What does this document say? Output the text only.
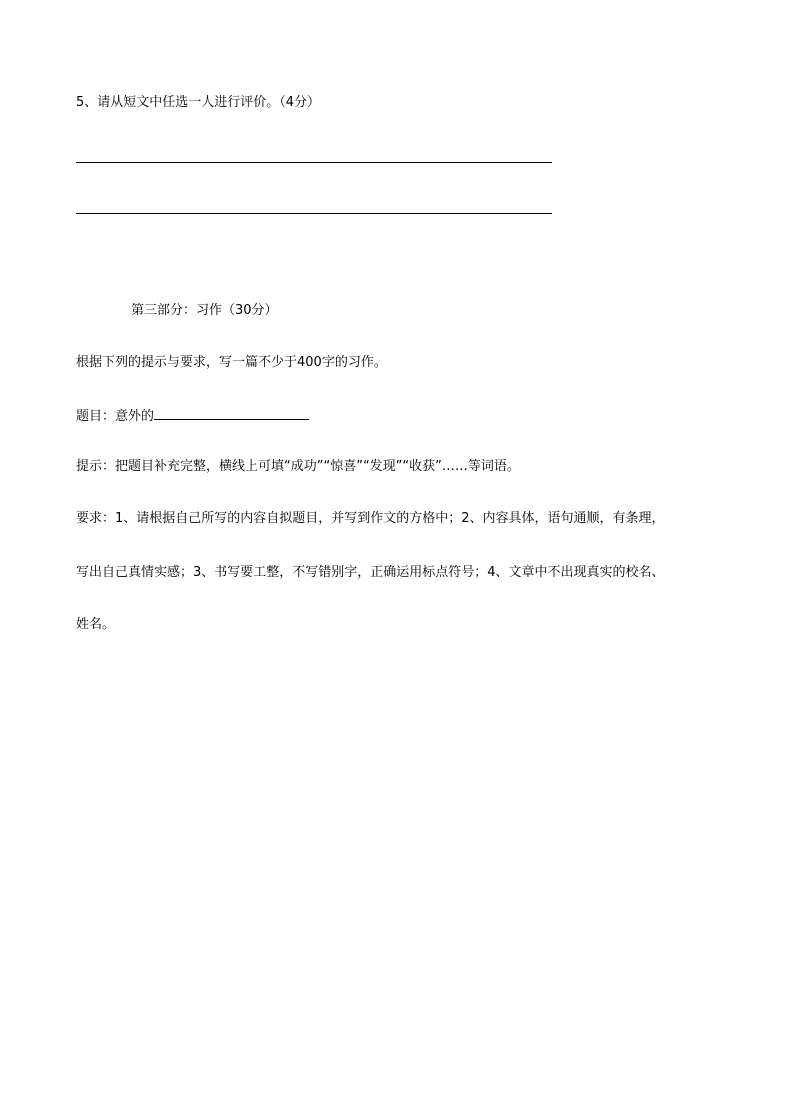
5、请从短文中任选一人进行评价。（4分）
第三部分：习作（30分）
根据下列的提示与要求，写一篇不少于400字的习作。
题目：意外的
提示：把题目补充完整，横线上可填“成功”“惊喜”“发现”“收获”……等词语。
要求：1、请根据自己所写的内容自拟题目，并写到作文的方格中；2、内容具体，语句通顺，有条理，
写出自己真情实感；3、书写要工整，不写错别字，正确运用标点符号；4、文章中不出现真实的校名、
姓名。
